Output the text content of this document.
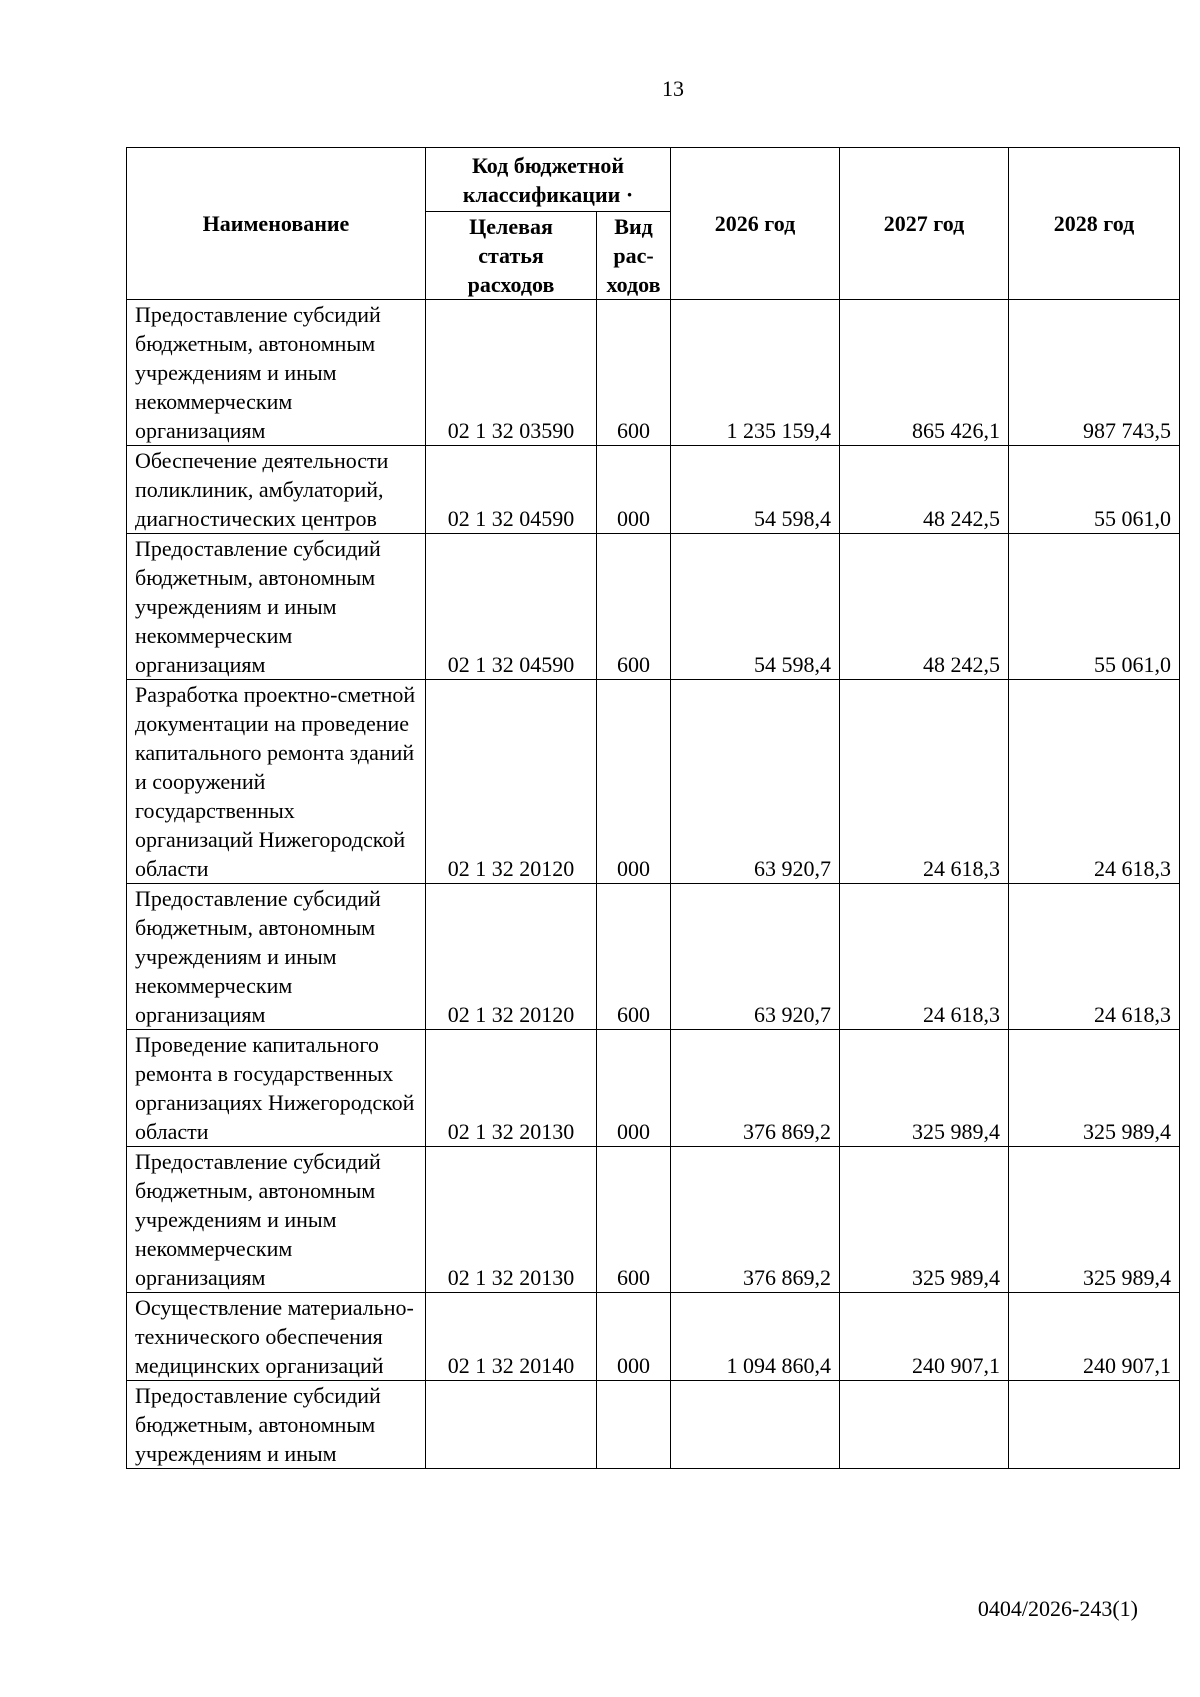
13
Наименование	Код бюджетной классификации ·		2026 год	2027 год	2028 год
	Целевая статья расходов	Вид рас-ходов			
Предоставление субсидий бюджетным, автономным учреждениям и иным некоммерческим организациям	02 1 32 03590	600	1 235 159,4	865 426,1	987 743,5
Обеспечение деятельности поликлиник, амбулаторий, диагностических центров	02 1 32 04590	000	54 598,4	48 242,5	55 061,0
Предоставление субсидий бюджетным, автономным учреждениям и иным некоммерческим организациям	02 1 32 04590	600	54 598,4	48 242,5	55 061,0
Разработка проектно-сметной документации на проведение капитального ремонта зданий и сооружений государственных организаций Нижегородской области	02 1 32 20120	000	63 920,7	24 618,3	24 618,3
Предоставление субсидий бюджетным, автономным учреждениям и иным некоммерческим организациям	02 1 32 20120	600	63 920,7	24 618,3	24 618,3
Проведение капитального ремонта в государственных организациях Нижегородской области	02 1 32 20130	000	376 869,2	325 989,4	325 989,4
Предоставление субсидий бюджетным, автономным учреждениям и иным некоммерческим организациям	02 1 32 20130	600	376 869,2	325 989,4	325 989,4
Осуществление материально-технического обеспечения медицинских организаций	02 1 32 20140	000	1 094 860,4	240 907,1	240 907,1
Предоставление субсидий бюджетным, автономным учреждениям и иным					
0404/2026-243(1)
